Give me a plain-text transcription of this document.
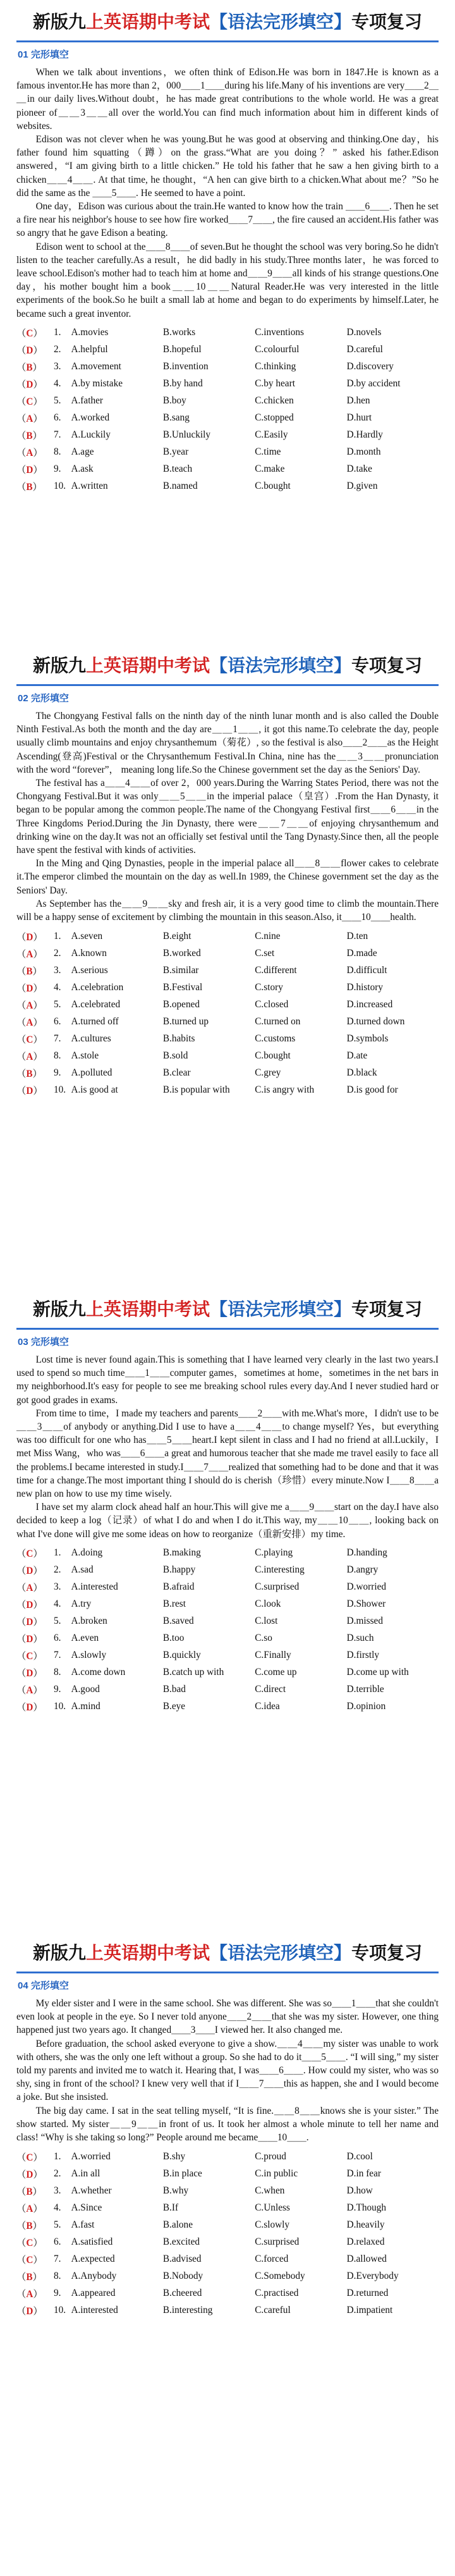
新版九上英语期中考试【语法完形填空】专项复习
01 完形填空

When we talk about inventions，we often think of Edison.He was born in 1847.He is known as a famous inventor.He has more than 2，000＿＿1＿＿during his life.Many of his inventions are very＿＿2＿＿in our daily lives.Without doubt，he has made great contributions to the whole world. He was a great pioneer of＿＿3＿＿all over the world.You can find much information about him in different kinds of websites.

Edison was not clever when he was young.But he was good at observing and thinking.One day，his father found him squatting（蹲）on the grass.“What are you doing？” asked his father.Edison answered，“I am giving birth to a little chicken.” He told his father that he saw a hen giving birth to a chicken＿＿4＿＿. At that time, he thought，“A hen can give birth to a chicken.What about me？”So he did the same as the ＿＿5＿＿. He seemed to have a point.

One day，Edison was curious about the train.He wanted to know how the train ＿＿6＿＿. Then he set a fire near his neighbor's house to see how fire worked＿＿7＿＿, the fire caused an accident.His father was so angry that he gave Edison a beating.

Edison went to school at the＿＿8＿＿of seven.But he thought the school was very boring.So he didn't listen to the teacher carefully.As a result，he did badly in his study.Three months later，he was forced to leave school.Edison's mother had to teach him at home and＿＿9＿＿all kinds of his strange questions.One day，his mother bought him a book＿＿10＿＿Natural Reader.He was very interested in the little experiments of the book.So he built a small lab at home and began to do experiments by himself.Later, he became such a great inventor.

（C）	1.	A.movies	B.works	C.inventions	D.novels
（D）	2.	A.helpful	B.hopeful	C.colourful	D.careful
（B）	3.	A.movement	B.invention	C.thinking	D.discovery
（D）	4.	A.by mistake	B.by hand	C.by heart	D.by accident
（C）	5.	A.father	B.boy	C.chicken	D.hen
（A）	6.	A.worked	B.sang	C.stopped	D.hurt
（B）	7.	A.Luckily	B.Unluckily	C.Easily	D.Hardly
（A）	8.	A.age	B.year	C.time	D.month
（D）	9.	A.ask	B.teach	C.make	D.take
（B）	10. A.written	B.named	C.bought	D.given
新版九上英语期中考试【语法完形填空】专项复习
02 完形填空

The Chongyang Festival falls on the ninth day of the ninth lunar month and is also called the Double Ninth Festival.As both the month and the day are＿＿1＿＿, it got this name.To celebrate the day, people usually climb mountains and enjoy chrysanthemum（菊花）, so the festival is also＿＿2＿＿as the Height Ascending(登高)Festival or the Chrysanthemum Festival.In China, nine has the＿＿3＿＿pronunciation with the word “forever”， meaning long life.So the Chinese government set the day as the Seniors' Day.

The festival has a＿＿4＿＿of over 2，000 years.During the Warring States Period, there was not the Chongyang Festival.But it was only＿＿5＿＿in the imperial palace（皇宫）.From the Han Dynasty, it began to be popular among the common people.The name of the Chongyang Festival first＿＿6＿＿in the Three Kingdoms Period.During the Jin Dynasty, there were＿＿7＿＿of enjoying chrysanthemum and drinking wine on the day.It was not an officially set festival until the Tang Dynasty.Since then, all the people have spent the festival with kinds of activities.

In the Ming and Qing Dynasties, people in the imperial palace all＿＿8＿＿flower cakes to celebrate it.The emperor climbed the mountain on the day as well.In 1989, the Chinese government set the day as the Seniors' Day.

As September has the＿＿9＿＿sky and fresh air, it is a very good time to climb the mountain.There will be a happy sense of excitement by climbing the mountain in this season.Also, it＿＿10＿＿health.

（D）	1.	A.seven	B.eight	C.nine	D.ten
（A）	2.	A.known	B.worked	C.set	D.made
（B）	3.	A.serious	B.similar	C.different	D.difficult
（D）	4.	A.celebration	B.Festival	C.story	D.history
（A）	5.	A.celebrated	B.opened	C.closed	D.increased
（A）	6.	A.turned off	B.turned up	C.turned on	D.turned down
（C）	7.	A.cultures	B.habits	C.customs	D.symbols
（A）	8.	A.stole	B.sold	C.bought	D.ate
（B）	9.	A.polluted	B.clear	C.grey	D.black
（D）	10. A.is good at	B.is popular with	C.is angry with	D.is good for
新版九上英语期中考试【语法完形填空】专项复习
03 完形填空

Lost time is never found again.This is something that I have learned very clearly in the last two years.I used to spend so much time＿＿1＿＿computer games，sometimes at home，sometimes in the net bars in my neighborhood.It's easy for people to see me breaking school rules every day.And I never studied hard or got good grades in exams.

From time to time，I made my teachers and parents＿＿2＿＿with me.What's more，I didn't use to be＿＿3＿＿of anybody or anything.Did I use to have a＿＿4＿＿to change myself? Yes，but everything was too difficult for one who has＿＿5＿＿heart.I kept silent in class and I had no friend at all.Luckily，I met Miss Wang，who was＿＿6＿＿a great and humorous teacher that she made me travel easily to face all the problems.I became interested in study.I＿＿7＿＿realized that something had to be done and that it was time for a change.The most important thing I should do is cherish（珍惜）every minute.Now I＿＿8＿＿a new plan on how to use my time wisely.

I have set my alarm clock ahead half an hour.This will give me a＿＿9＿＿start on the day.I have also decided to keep a log（记录）of what I do and when I do it.This way, my＿＿10＿＿, looking back on what I've done will give me some ideas on how to reorganize（重新安排）my time.

（C）	1.	A.doing	B.making	C.playing	D.handing
（D）	2.	A.sad	B.happy	C.interesting	D.angry
（A）	3.	A.interested	B.afraid	C.surprised	D.worried
（D）	4.	A.try	B.rest	C.look	D.Shower
（D）	5.	A.broken	B.saved	C.lost	D.missed
（D）	6.	A.even	B.too	C.so	D.such
（C）	7.	A.slowly	B.quickly	C.Finally	D.firstly
（D）	8.	A.come down	B.catch up with	C.come up	D.come up with
（A）	9.	A.good	B.bad	C.direct	D.terrible
（D）	10. A.mind	B.eye	C.idea	D.opinion
新版九上英语期中考试【语法完形填空】专项复习
04 完形填空

My elder sister and I were in the same school. She was different. She was so＿＿1＿＿that she couldn't even look at people in the eye. So I never told anyone＿＿2＿＿that she was my sister. However, one thing happened just two years ago. It changed＿＿3＿＿I viewed her. It also changed me.

Before graduation, the school asked everyone to give a show.＿＿4＿＿my sister was unable to work with others, she was the only one left without a group. So she had to do it＿＿5＿＿. “I will sing,” my sister told my parents and invited me to watch it. Hearing that, I was＿＿6＿＿. How could my sister, who was so shy, sing in front of the school? I knew very well that if I＿＿7＿＿this as happen, she and I would become a joke. But she insisted.

The big day came. I sat in the seat telling myself, “It is fine.＿＿8＿＿knows she is your sister.” The show started. My sister＿＿9＿＿in front of us. It took her almost a whole minute to tell her name and class! “Why is she taking so long?” People around me became＿＿10＿＿.

（C）	1.	A.worried	B.shy	C.proud	D.cool
（D）	2.	A.in all	B.in place	C.in public	D.in fear
（B）	3.	A.whether	B.why	C.when	D.how
（A）	4.	A.Since	B.If	C.Unless	D.Though
（B）	5.	A.fast	B.alone	C.slowly	D.heavily
（C）	6.	A.satisfied	B.excited	C.surprised	D.relaxed
（C）	7.	A.expected	B.advised	C.forced	D.allowed
（B）	8.	A.Anybody	B.Nobody	C.Somebody	D.Everybody
（A）	9.	A.appeared	B.cheered	C.practised	D.returned
（D）	10. A.interested	B.interesting	C.careful	D.impatient
